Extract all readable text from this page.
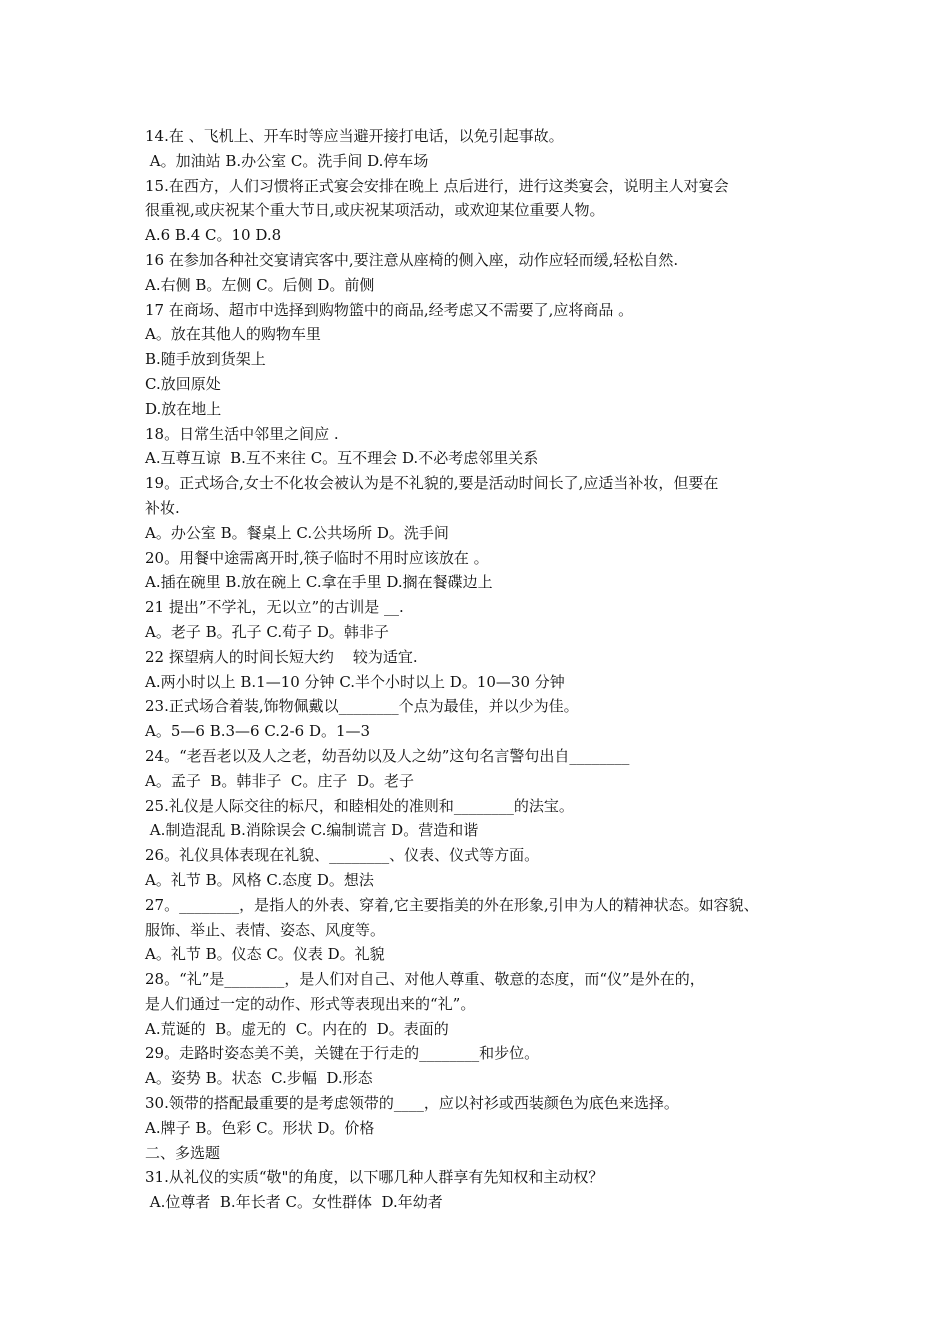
14.在 、飞机上、开车时等应当避开接打电话，以免引起事故。
A。加油站 B.办公室 C。洗手间 D.停车场
15.在西方，人们习惯将正式宴会安排在晚上 点后进行，进行这类宴会，说明主人对宴会
很重视,或庆祝某个重大节日,或庆祝某项活动，或欢迎某位重要人物。
A.6 B.4 C。10 D.8
16 在参加各种社交宴请宾客中,要注意从座椅的侧入座，动作应轻而缓,轻松自然.
A.右侧 B。左侧 C。后侧 D。前侧
17 在商场、超市中选择到购物篮中的商品,经考虑又不需要了,应将商品 。
A。放在其他人的购物车里
B.随手放到货架上
C.放回原处
D.放在地上
18。日常生活中邻里之间应 .
A.互尊互谅  B.互不来往 C。互不理会 D.不必考虑邻里关系
19。正式场合,女士不化妆会被认为是不礼貌的,要是活动时间长了,应适当补妆，但要在
补妆.
A。办公室 B。餐桌上 C.公共场所 D。洗手间
20。用餐中途需离开时,筷子临时不用时应该放在 。
A.插在碗里 B.放在碗上 C.拿在手里 D.搁在餐碟边上
21 提出”不学礼，无以立”的古训是 __.
A。老子 B。孔子 C.荀子 D。韩非子
22 探望病人的时间长短大约    较为适宜.
A.两小时以上 B.1—10 分钟 C.半个小时以上 D。10—30 分钟
23.正式场合着装,饰物佩戴以________个点为最佳，并以少为佳。
A。5—6 B.3—6 C.2-6 D。1—3
24。“老吾老以及人之老，幼吾幼以及人之幼”这句名言警句出自________
A。孟子  B。韩非子  C。庄子  D。老子
25.礼仪是人际交往的标尺，和睦相处的准则和________的法宝。
A.制造混乱 B.消除误会 C.编制谎言 D。营造和谐
26。礼仪具体表现在礼貌、________、仪表、仪式等方面。
A。礼节 B。风格 C.态度 D。想法
27。________，是指人的外表、穿着,它主要指美的外在形象,引申为人的精神状态。如容貌、
服饰、举止、表情、姿态、风度等。
A。礼节 B。仪态 C。仪表 D。礼貌
28。“礼”是________，是人们对自己、对他人尊重、敬意的态度，而“仪”是外在的，
是人们通过一定的动作、形式等表现出来的“礼”。
A.荒诞的  B。虚无的  C。内在的  D。表面的
29。走路时姿态美不美，关键在于行走的________和步位。
A。姿势 B。状态  C.步幅  D.形态
30.领带的搭配最重要的是考虑领带的____，应以衬衫或西装颜色为底色来选择。
A.牌子 B。色彩 C。形状 D。价格
二、多选题
31.从礼仪的实质“敬"的角度，以下哪几种人群享有先知权和主动权？
A.位尊者  B.年长者 C。女性群体  D.年幼者
